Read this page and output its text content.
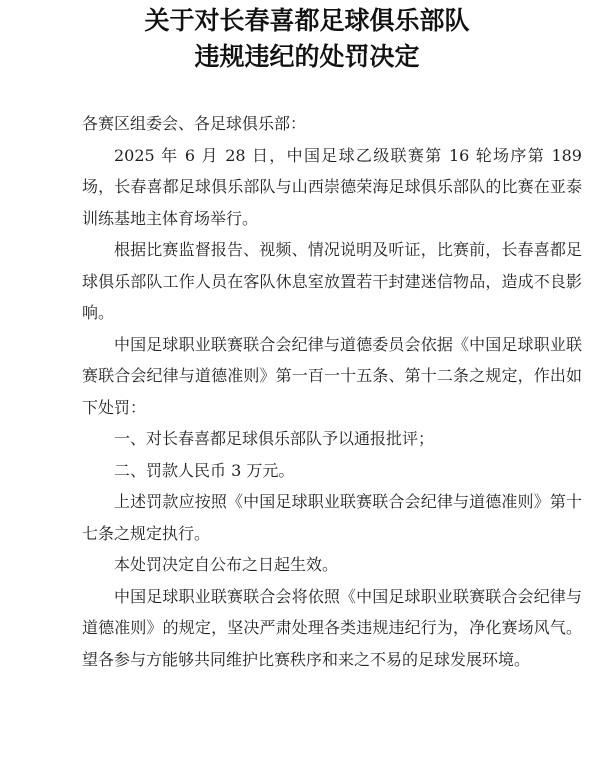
关于对长春喜都足球俱乐部队
违规违纪的处罚决定

各赛区组委会、各足球俱乐部：

2025 年 6 月 28 日，中国足球乙级联赛第 16 轮场序第 189 场，长春喜都足球俱乐部队与山西崇德荣海足球俱乐部队的比赛在亚泰训练基地主体育场举行。

根据比赛监督报告、视频、情况说明及听证，比赛前，长春喜都足球俱乐部队工作人员在客队休息室放置若干封建迷信物品，造成不良影响。

中国足球职业联赛联合会纪律与道德委员会依据《中国足球职业联赛联合会纪律与道德准则》第一百一十五条、第十二条之规定，作出如下处罚：

一、对长春喜都足球俱乐部队予以通报批评；

二、罚款人民币 3 万元。

上述罚款应按照《中国足球职业联赛联合会纪律与道德准则》第十七条之规定执行。

本处罚决定自公布之日起生效。

中国足球职业联赛联合会将依照《中国足球职业联赛联合会纪律与道德准则》的规定，坚决严肃处理各类违规违纪行为，净化赛场风气。望各参与方能够共同维护比赛秩序和来之不易的足球发展环境。
